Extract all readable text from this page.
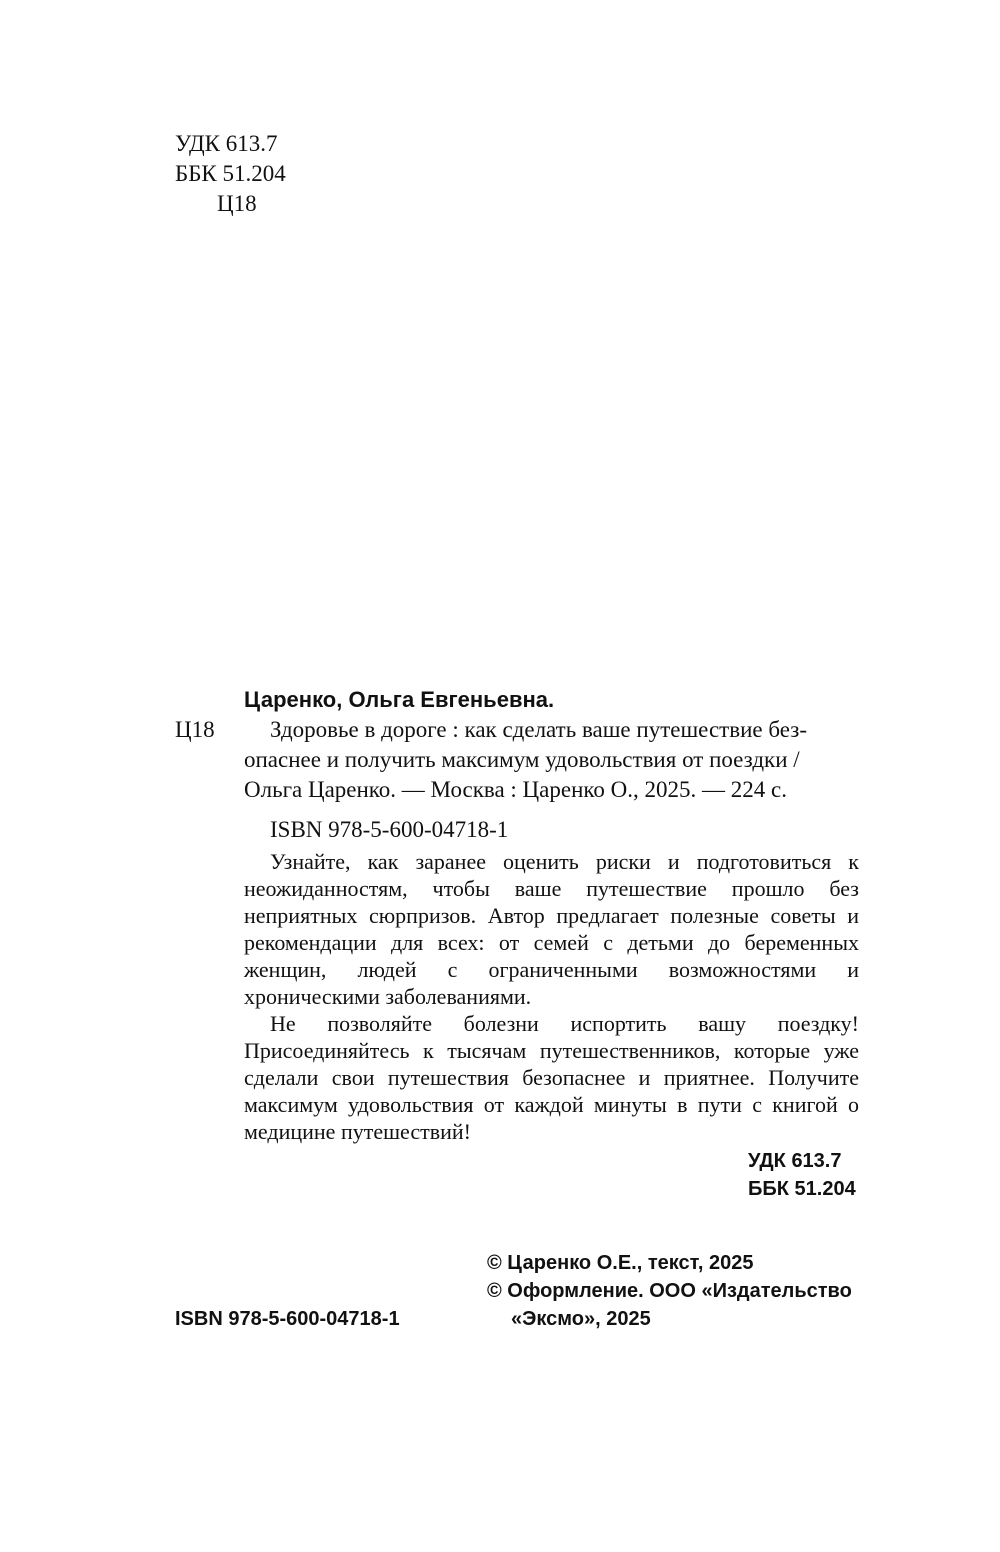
УДК 613.7
ББК 51.204
Ц18
Царенко, Ольга Евгеньевна.
Ц18 Здоровье в дороге : как сделать ваше путешествие без-
опаснее и получить максимум удовольствия от поездки /
Ольга Царенко. — Москва : Царенко О., 2025. — 224 с.
ISBN 978-5-600-04718-1

Узнайте, как заранее оценить риски и подготовиться к неожиданностям, чтобы ваше путешествие прошло без неприятных сюрпризов. Автор предлагает полезные советы и рекомендации для всех: от семей с детьми до беременных женщин, людей с ограниченными возможностями и хроническими заболеваниями.

Не позволяйте болезни испортить вашу поездку! Присоединяйтесь к тысячам путешественников, которые уже сделали свои путешествия безопаснее и приятнее. Получите максимум удовольствия от каждой минуты в пути с книгой о медицине путешествий!

УДК 613.7
ББК 51.204
© Царенко О.Е., текст, 2025
© Оформление. ООО «Издательство
ISBN 978-5-600-04718-1	«Эксмо», 2025
